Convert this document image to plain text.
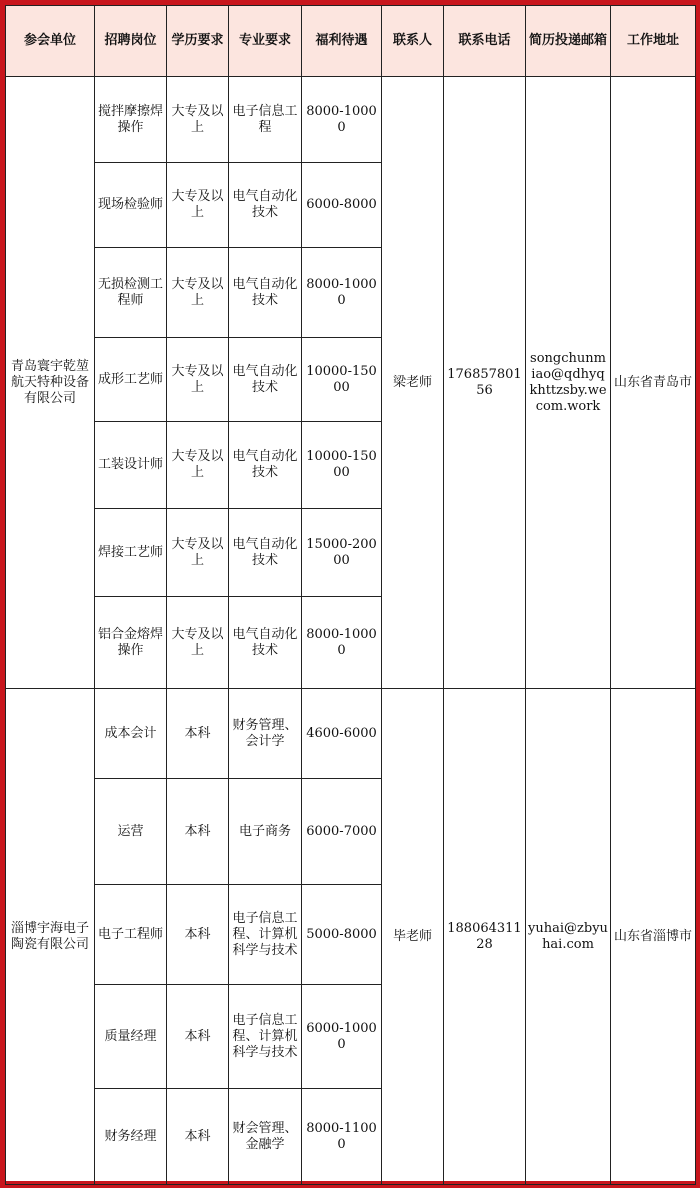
参会单位	招聘岗位	学历要求	专业要求	福利待遇	联系人	联系电话	简历投递邮箱	工作地址
青岛寰宇乾堃航天特种设备有限公司	搅拌摩擦焊操作	大专及以上	电子信息工程	8000-10000	梁老师	17685780156	songchunmiao@qdhyqkhttzsby.wecom.work	山东省青岛市
	现场检验师	大专及以上	电气自动化技术	6000-8000				
	无损检测工程师	大专及以上	电气自动化技术	8000-10000				
	成形工艺师	大专及以上	电气自动化技术	10000-15000				
	工装设计师	大专及以上	电气自动化技术	10000-15000				
	焊接工艺师	大专及以上	电气自动化技术	15000-20000				
	铝合金熔焊操作	大专及以上	电气自动化技术	8000-10000				
淄博宇海电子陶瓷有限公司	成本会计	本科	财务管理、会计学	4600-6000	毕老师	18806431128	yuhai@zbyuhai.com	山东省淄博市
	运营	本科	电子商务	6000-7000				
	电子工程师	本科	电子信息工程、计算机科学与技术	5000-8000				
	质量经理	本科	电子信息工程、计算机科学与技术	6000-10000				
	财务经理	本科	财会管理、金融学	8000-11000				
